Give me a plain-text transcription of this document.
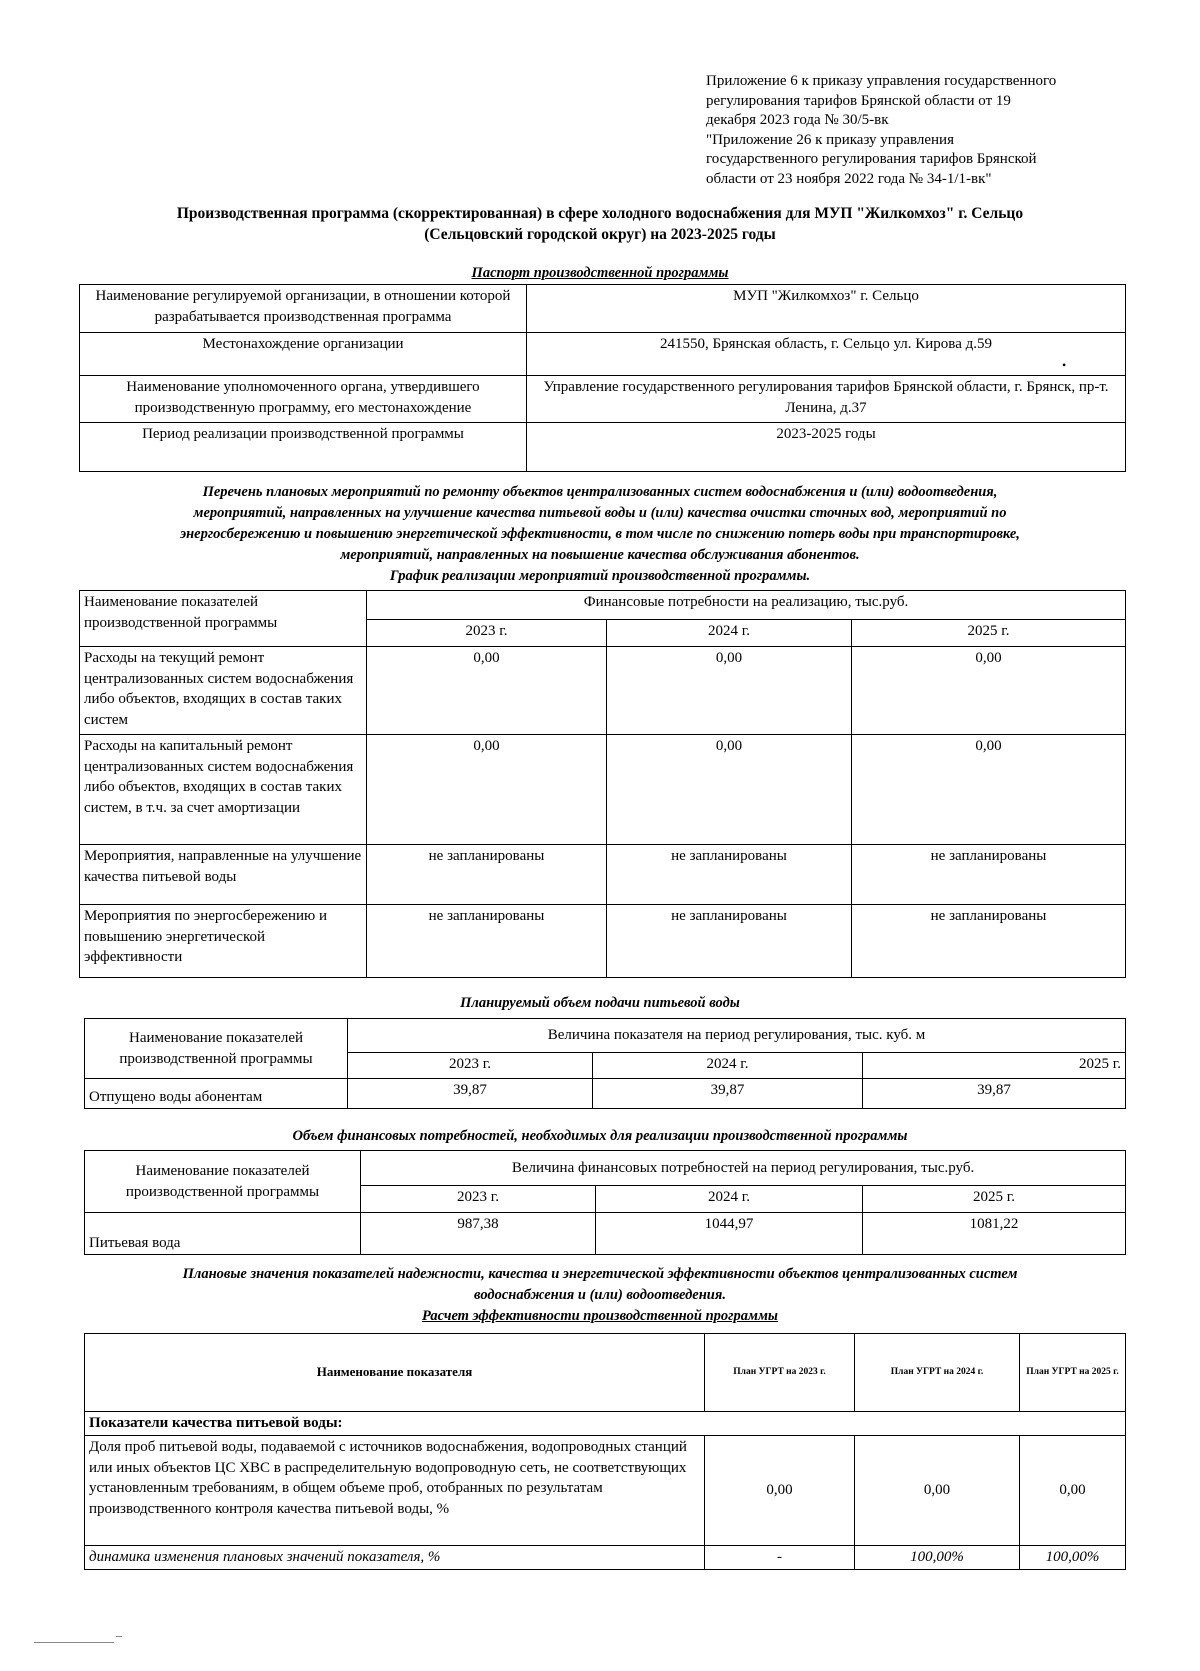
Приложение 6 к приказу управления государственного
регулирования тарифов Брянской области от 19
декабря 2023 года № 30/5-вк
"Приложение 26 к приказу управления
государственного регулирования тарифов Брянской
области от 23 ноября 2022 года № 34-1/1-вк"
Производственная программа (скорректированная) в сфере холодного водоснабжения для МУП "Жилкомхоз" г. Сельцо
(Сельцовский городской округ) на 2023-2025 годы
Паспорт производственной программы
Наименование регулируемой организации, в отношении которой разрабатывается производственная программа	МУП "Жилкомхоз" г. Сельцо
Местонахождение организации	241550, Брянская область, г. Сельцо ул. Кирова д.59
Наименование уполномоченного органа, утвердившего производственную программу, его местонахождение	Управление государственного регулирования тарифов Брянской области, г. Брянск, пр-т. Ленина, д.37
Период реализации производственной программы	2023-2025 годы
•
Перечень плановых мероприятий по ремонту объектов централизованных систем водоснабжения и (или) водоотведения,
мероприятий, направленных на улучшение качества питьевой воды и (или) качества очистки сточных вод, мероприятий по
энергосбережению и повышению энергетической эффективности, в том числе по снижению потерь воды при транспортировке,
мероприятий, направленных на повышение качества обслуживания абонентов.
График реализации мероприятий производственной программы.
Наименование показателей производственной программы	Финансовые потребности на реализацию, тыс.руб.		
	2023 г.	2024 г.	2025 г.
Расходы на текущий ремонт централизованных систем водоснабжения либо объектов, входящих в состав таких систем	0,00	0,00	0,00
Расходы на капитальный ремонт централизованных систем водоснабжения либо объектов, входящих в состав таких систем, в т.ч. за счет амортизации	0,00	0,00	0,00
Мероприятия, направленные на улучшение качества питьевой воды	не запланированы	не запланированы	не запланированы
Мероприятия по энергосбережению и повышению энергетической эффективности	не запланированы	не запланированы	не запланированы
Планируемый объем подачи питьевой воды
Наименование показателей производственной программы	Величина показателя на период регулирования, тыс. куб. м		
	2023 г.	2024 г.	2025 г.
Отпущено воды абонентам	39,87	39,87	39,87
Объем финансовых потребностей, необходимых для реализации производственной программы
Наименование показателей производственной программы	Величина финансовых потребностей на период регулирования, тыс.руб.		
	2023 г.	2024 г.	2025 г.
Питьевая вода	987,38	1044,97	1081,22
Плановые значения показателей надежности, качества и энергетической эффективности объектов централизованных систем
водоснабжения и (или) водоотведения.
Расчет эффективности производственной программы
Наименование показателя	План УГРТ на 2023 г.	План УГРТ на 2024 г.	План УГРТ на 2025 г.
Показатели качества питьевой воды:			
Доля проб питьевой воды, подаваемой с источников водоснабжения, водопроводных станций или иных объектов ЦС ХВС в распределительную водопроводную сеть, не соответствующих установленным требованиям, в общем объеме проб, отобранных по результатам производственного контроля качества питьевой воды, %	0,00	0,00	0,00
динамика изменения плановых значений показателя, %	-	100,00%	100,00%
